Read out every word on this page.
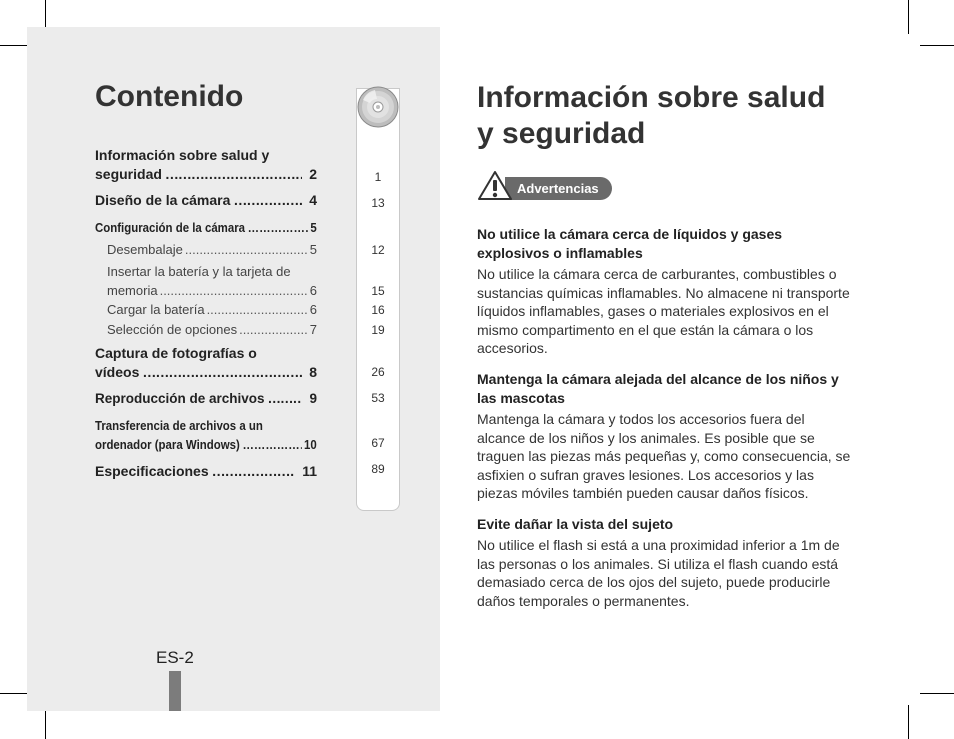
Contenido
Información sobre salud y
seguridad ………………………………………………………………………………	2
Diseño de la cámara ………………………………………………………………………………	4
Configuración de la cámara ……………………………………………………	5
Desembalaje .....	5
Insertar la batería y la tarjeta de
memoria .....	6
Cargar la batería .....	6
Selección de opciones .....	7
Captura de fotografías o
vídeos ………………………………………………………………………………	8
Reproducción de archivos ………………………………………………………………………………	9
Transferencia de archivos a un
ordenador (para Windows) ……………………………………………………	10
Especificaciones ………………………………………………………………………………	11
1
13
12
15
16
19
26
53
67
89
ES-2
Información sobre salud
y seguridad
Advertencias
No utilice la cámara cerca de líquidos y gases explosivos o inflamables

No utilice la cámara cerca de carburantes, combustibles o sustancias químicas inflamables. No almacene ni transporte líquidos inflamables, gases o materiales explosivos en el mismo compartimento en el que están la cámara o los accesorios.

Mantenga la cámara alejada del alcance de los niños y las mascotas

Mantenga la cámara y todos los accesorios fuera del alcance de los niños y los animales. Es posible que se traguen las piezas más pequeñas y, como consecuencia, se asfixien o sufran graves lesiones. Los accesorios y las piezas móviles también pueden causar daños físicos.

Evite dañar la vista del sujeto

No utilice el flash si está a una proximidad inferior a 1m de las personas o los animales. Si utiliza el flash cuando está demasiado cerca de los ojos del sujeto, puede producirle daños temporales o permanentes.
